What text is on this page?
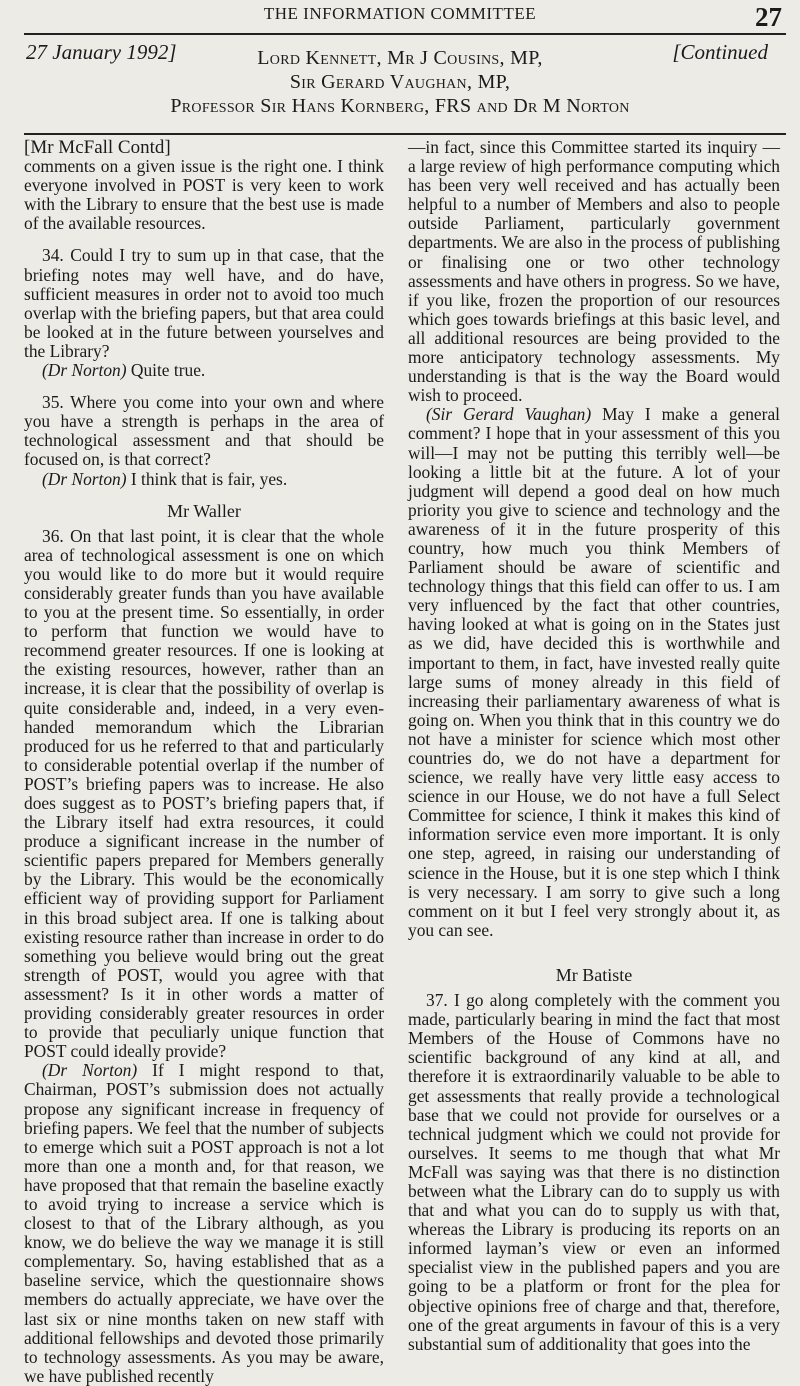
THE INFORMATION COMMITTEE	27
Lord Kennett, Mr J Cousins, MP,
Sir Gerard Vaughan, MP,
Professor Sir Hans Kornberg, FRS and Dr M Norton
27 January 1992]	[Continued
[Mr McFall Contd]

comments on a given issue is the right one. I think everyone involved in POST is very keen to work with the Library to ensure that the best use is made of the available resources.

34. Could I try to sum up in that case, that the briefing notes may well have, and do have, sufficient measures in order not to avoid too much overlap with the briefing papers, but that area could be looked at in the future between yourselves and the Library?

(Dr Norton) Quite true.

35. Where you come into your own and where you have a strength is perhaps in the area of technological assessment and that should be focused on, is that correct?

(Dr Norton) I think that is fair, yes.

Mr Waller

36. On that last point, it is clear that the whole area of technological assessment is one on which you would like to do more but it would require considerably greater funds than you have available to you at the present time. So essentially, in order to perform that function we would have to recommend greater resources. If one is looking at the existing resources, however, rather than an increase, it is clear that the possibility of overlap is quite considerable and, indeed, in a very even-handed memorandum which the Librarian produced for us he referred to that and particularly to considerable potential overlap if the number of POST’s briefing papers was to increase. He also does suggest as to POST’s briefing papers that, if the Library itself had extra resources, it could produce a significant increase in the number of scientific papers prepared for Members generally by the Library. This would be the economically efficient way of providing support for Parliament in this broad subject area. If one is talking about existing resource rather than increase in order to do something you believe would bring out the great strength of POST, would you agree with that assessment? Is it in other words a matter of providing considerably greater resources in order to provide that peculiarly unique function that POST could ideally provide?

(Dr Norton) If I might respond to that, Chairman, POST’s submission does not actually propose any significant increase in frequency of briefing papers. We feel that the number of subjects to emerge which suit a POST approach is not a lot more than one a month and, for that reason, we have proposed that that remain the baseline exactly to avoid trying to increase a service which is closest to that of the Library although, as you know, we do believe the way we manage it is still complementary. So, having established that as a baseline service, which the questionnaire shows members do actually appreciate, we have over the last six or nine months taken on new staff with additional fellowships and devoted those primarily to technology assessments. As you may be aware, we have published recently

—in fact, since this Committee started its inquiry —a large review of high performance computing which has been very well received and has actually been helpful to a number of Members and also to people outside Parliament, particularly government departments. We are also in the process of publishing or finalising one or two other technology assessments and have others in progress. So we have, if you like, frozen the proportion of our resources which goes towards briefings at this basic level, and all additional resources are being provided to the more anticipatory technology assessments. My understanding is that is the way the Board would wish to proceed.

(Sir Gerard Vaughan) May I make a general comment? I hope that in your assessment of this you will—I may not be putting this terribly well—be looking a little bit at the future. A lot of your judgment will depend a good deal on how much priority you give to science and technology and the awareness of it in the future prosperity of this country, how much you think Members of Parliament should be aware of scientific and technology things that this field can offer to us. I am very influenced by the fact that other countries, having looked at what is going on in the States just as we did, have decided this is worthwhile and important to them, in fact, have invested really quite large sums of money already in this field of increasing their parliamentary awareness of what is going on. When you think that in this country we do not have a minister for science which most other countries do, we do not have a department for science, we really have very little easy access to science in our House, we do not have a full Select Committee for science, I think it makes this kind of information service even more important. It is only one step, agreed, in raising our understanding of science in the House, but it is one step which I think is very necessary. I am sorry to give such a long comment on it but I feel very strongly about it, as you can see.

Mr Batiste

37. I go along completely with the comment you made, particularly bearing in mind the fact that most Members of the House of Commons have no scientific background of any kind at all, and therefore it is extraordinarily valuable to be able to get assessments that really provide a technological base that we could not provide for ourselves or a technical judgment which we could not provide for ourselves. It seems to me though that what Mr McFall was saying was that there is no distinction between what the Library can do to supply us with that and what you can do to supply us with that, whereas the Library is producing its reports on an informed layman’s view or even an informed specialist view in the published papers and you are going to be a platform or front for the plea for objective opinions free of charge and that, therefore, one of the great arguments in favour of this is a very substantial sum of additionality that goes into the
